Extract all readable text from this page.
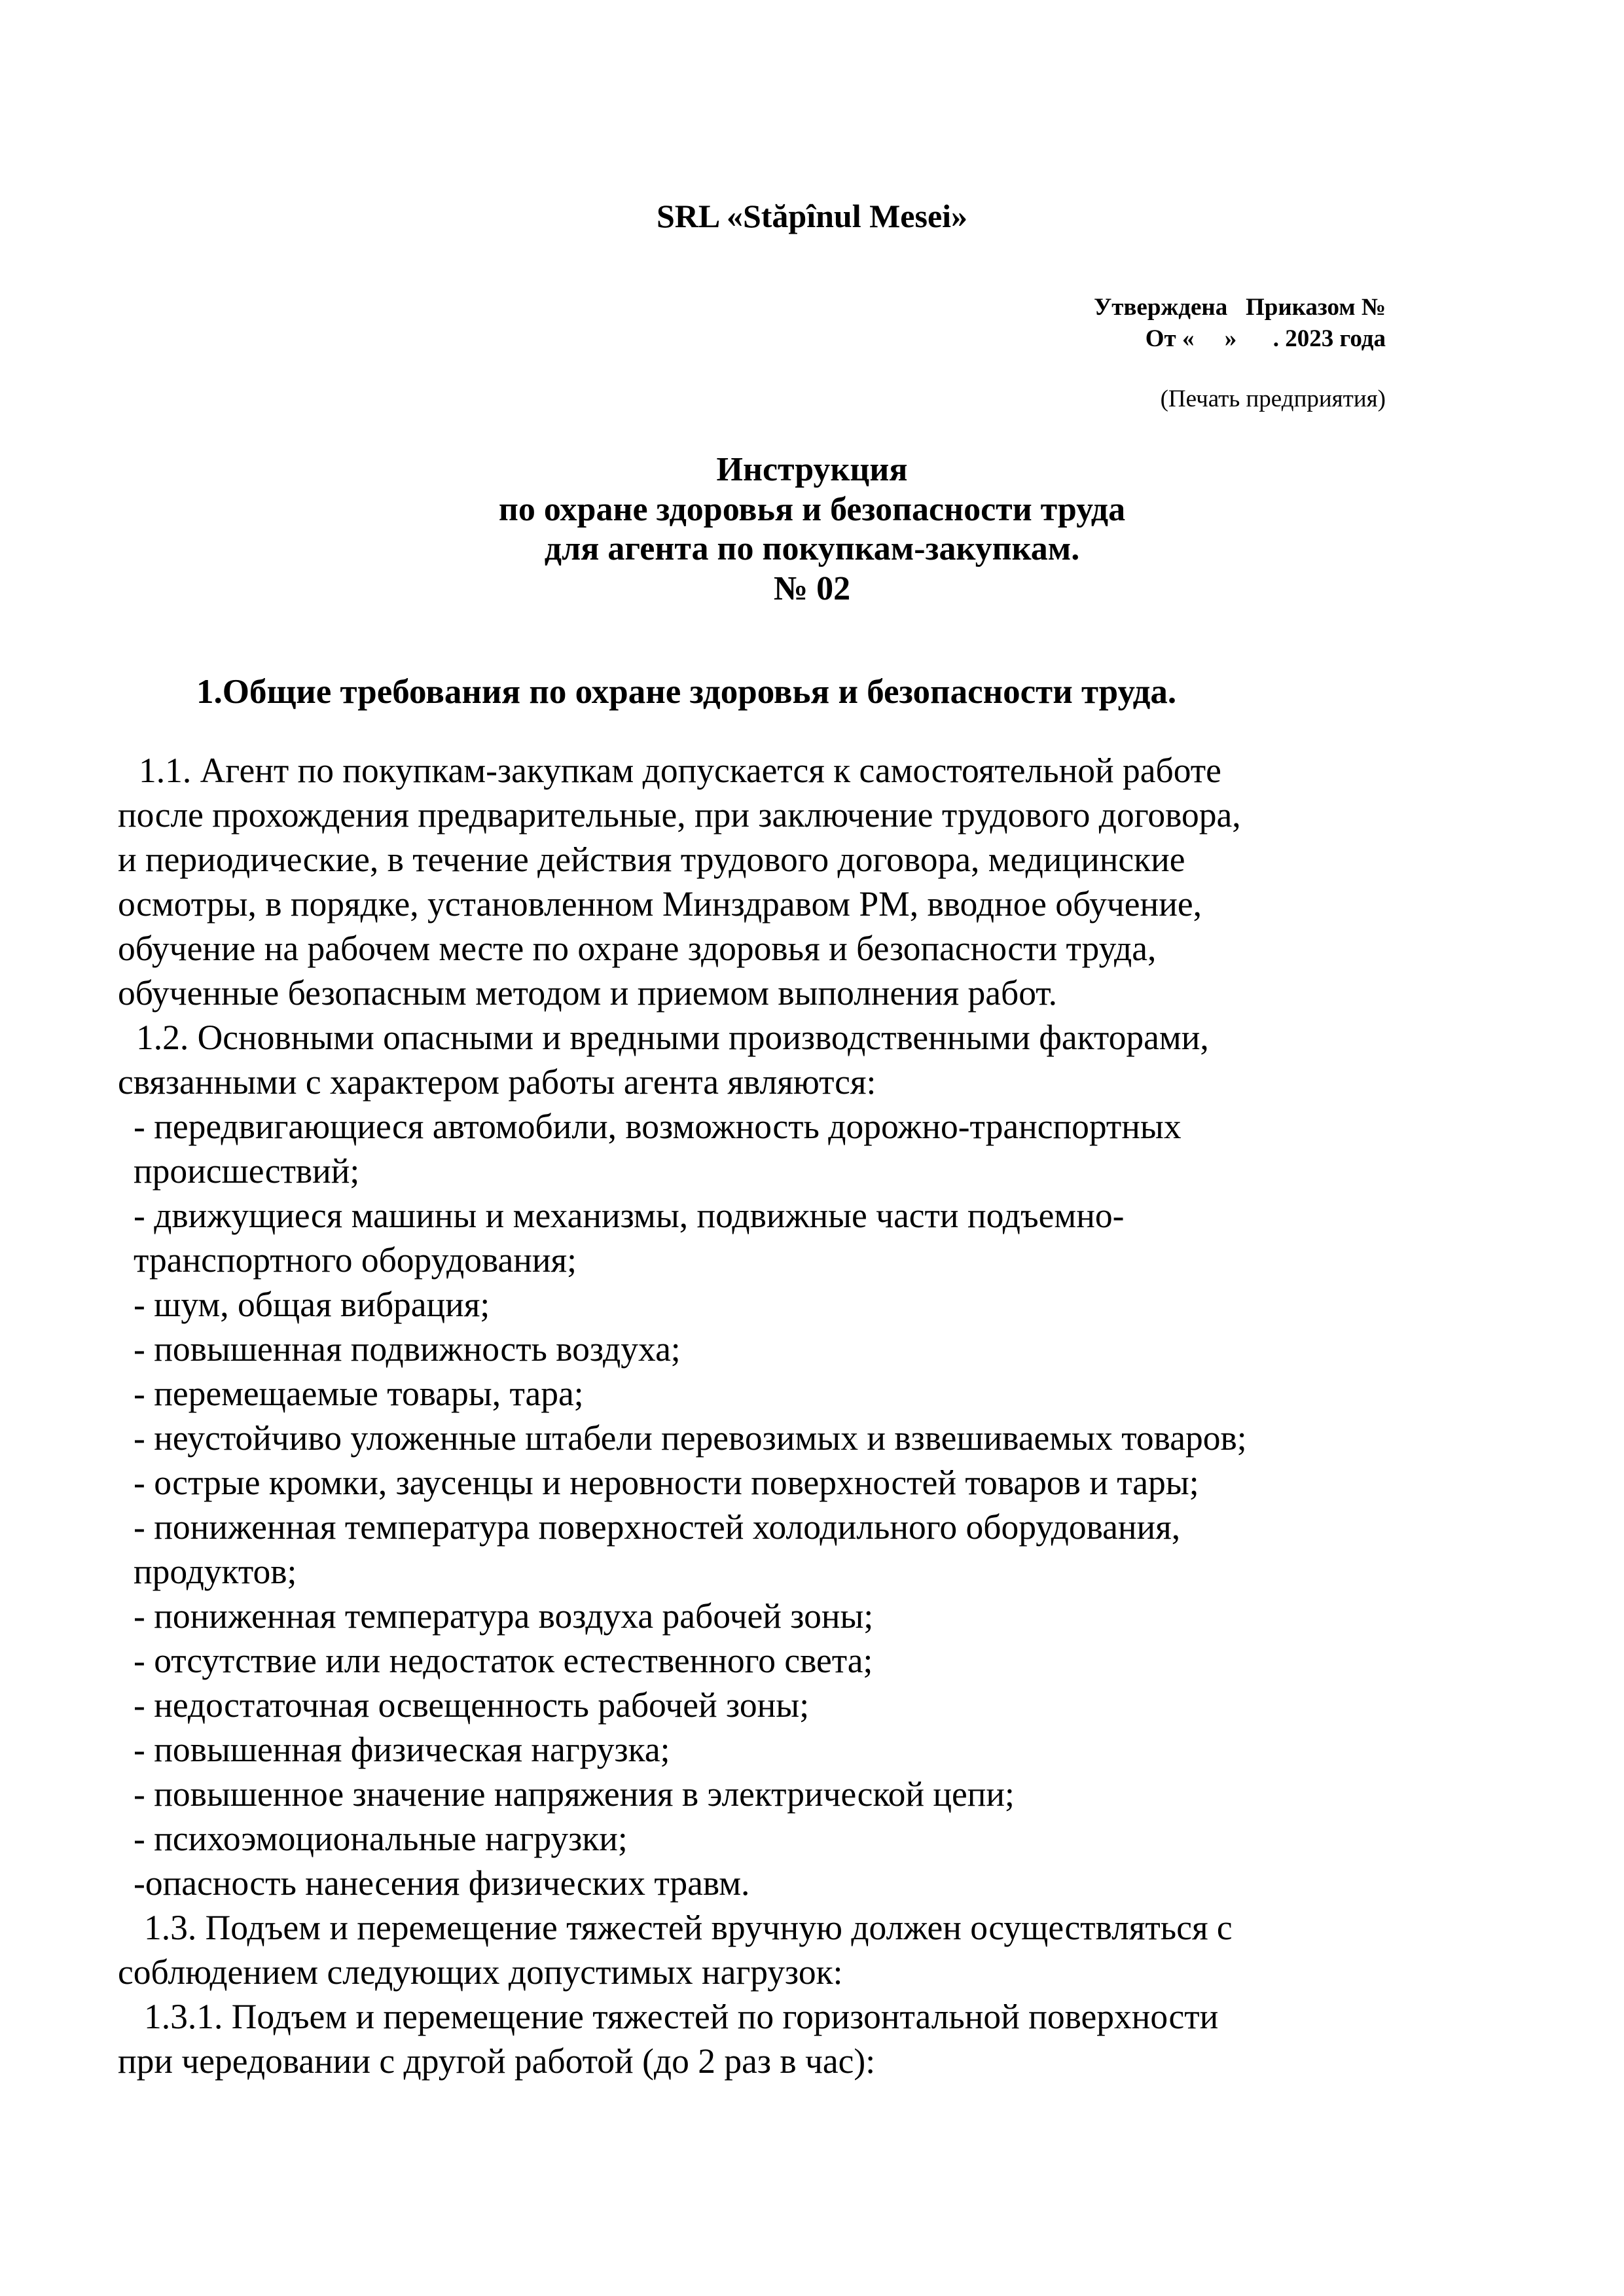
SRL «Stăpînul Mesei»
Утверждена   Приказом №
От «     »      . 2023 года
(Печать предприятия)
Инструкция
по охране здоровья и безопасности труда
для агента по покупкам-закупкам.
№ 02
1.Общие требования по охране здоровья и безопасности труда.
1.1. Агент по покупкам-закупкам допускается к самостоятельной работе
после прохождения предварительные, при заключение трудового договора,
и периодические, в течение действия трудового договора, медицинские
осмотры, в порядке, установленном Минздравом РМ, вводное обучение,
обучение на рабочем месте по охране здоровья и безопасности труда,
обученные безопасным методом и приемом выполнения работ.
1.2. Основными опасными и вредными производственными факторами,
связанными с характером работы агента являются:
- передвигающиеся автомобили, возможность дорожно-транспортных
происшествий;
- движущиеся машины и механизмы, подвижные части подъемно-
транспортного оборудования;
- шум, общая вибрация;
- повышенная подвижность воздуха;
- перемещаемые товары, тара;
- неустойчиво уложенные штабели перевозимых и взвешиваемых товаров;
- острые кромки, заусенцы и неровности поверхностей товаров и тары;
- пониженная температура поверхностей холодильного оборудования,
продуктов;
- пониженная температура воздуха рабочей зоны;
- отсутствие или недостаток естественного света;
- недостаточная освещенность рабочей зоны;
- повышенная физическая нагрузка;
- повышенное значение напряжения в электрической цепи;
- психоэмоциональные нагрузки;
-опасность нанесения физических травм.
1.3. Подъем и перемещение тяжестей вручную должен осуществляться с
соблюдением следующих допустимых нагрузок:
1.3.1. Подъем и перемещение тяжестей по горизонтальной поверхности
при чередовании с другой работой (до 2 раз в час):
